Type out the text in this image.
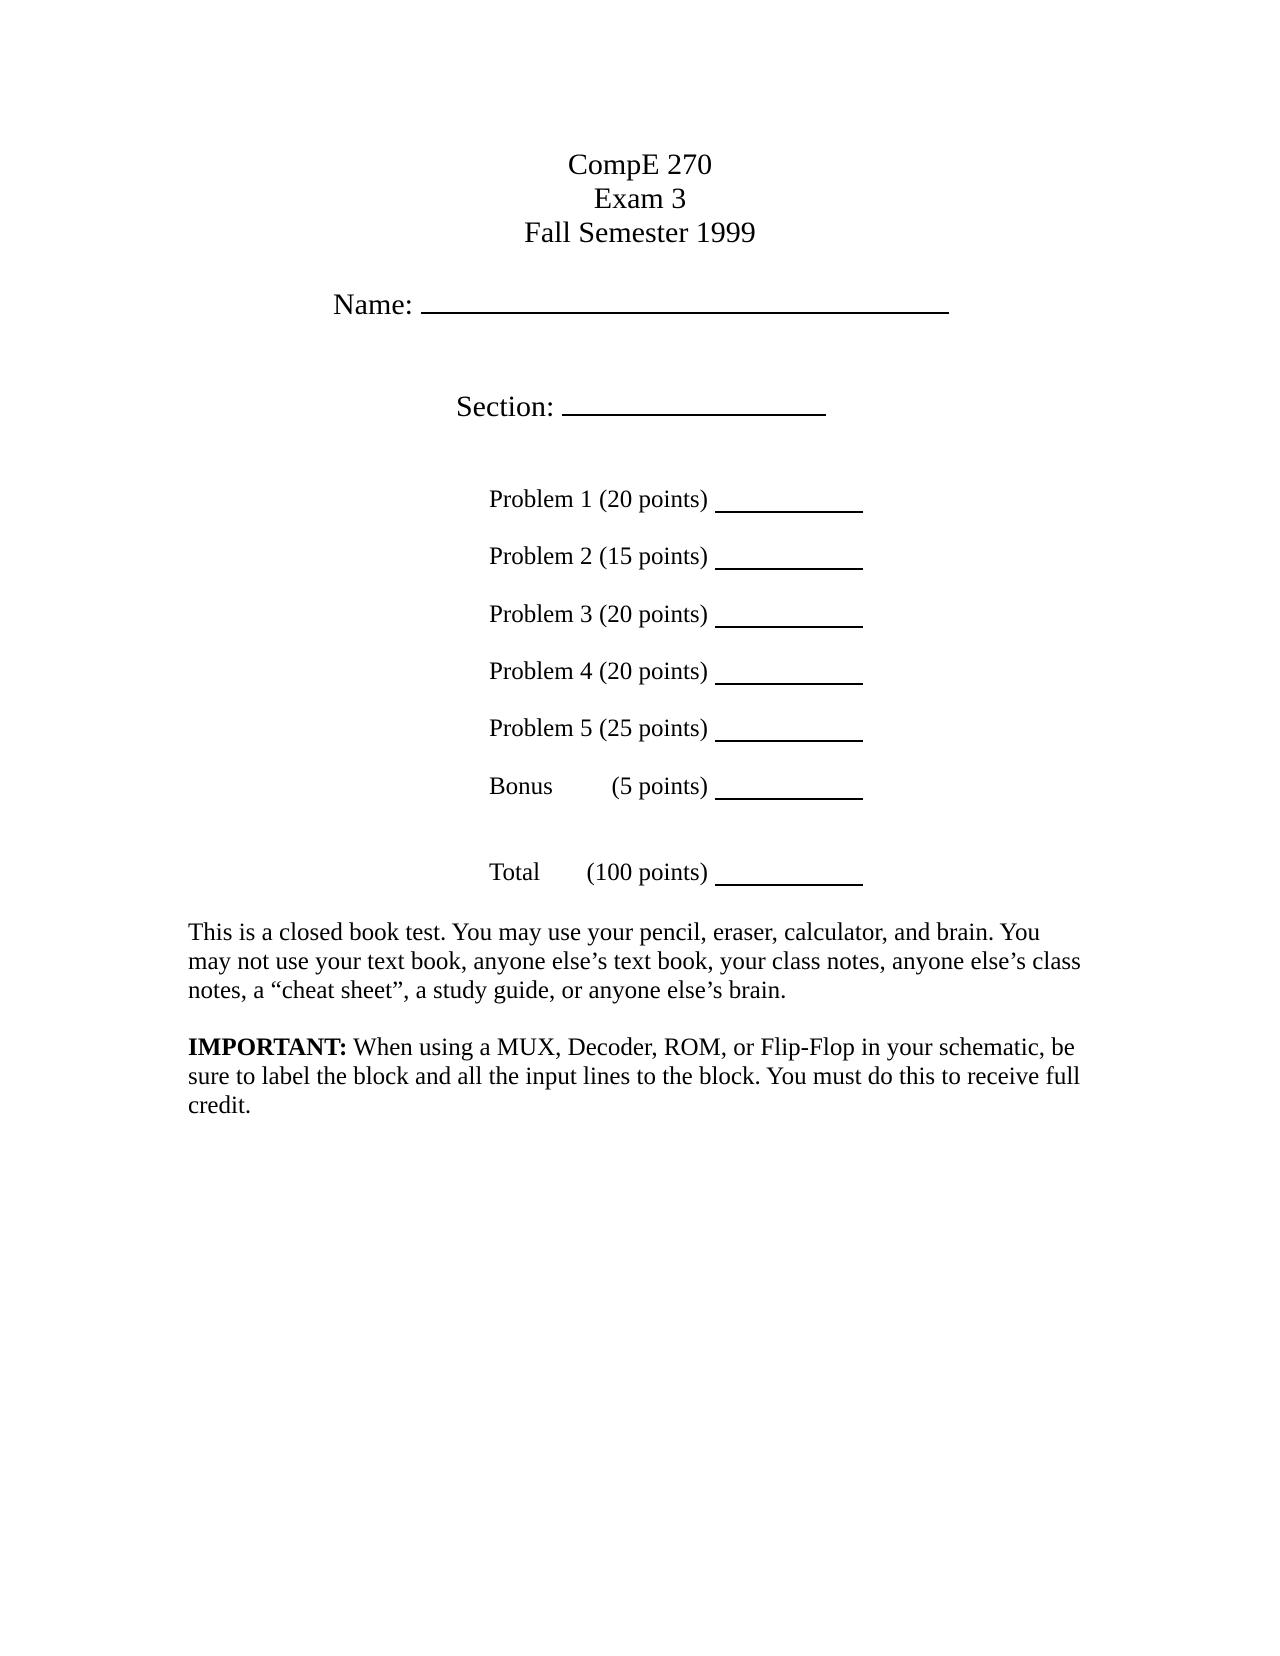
CompE 270
Exam 3
Fall Semester 1999
Name:
Section:
Problem 1 (20 points)
Problem 2 (15 points)
Problem 3 (20 points)
Problem 4 (20 points)
Problem 5 (25 points)
Bonus (5 points)
Total (100 points)

This is a closed book test. You may use your pencil, eraser, calculator, and brain. You may not use your text book, anyone else’s text book, your class notes, anyone else’s class notes, a “cheat sheet”, a study guide, or anyone else’s brain.

IMPORTANT: When using a MUX, Decoder, ROM, or Flip-Flop in your schematic, be sure to label the block and all the input lines to the block. You must do this to receive full credit.
